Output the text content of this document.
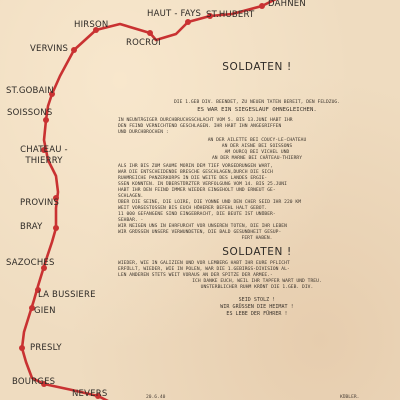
DAHNEN
HAUT - FAYS ST.HUBERT
HIRSON
ROCROI
VERVINS
ST.GOBAIN
SOISSONS
CHATEAU - THIERRY
PROVINS
BRAY
SAZOCHES
LA BUSSIERE
GIEN
PRESLY
BOURGES
NEVERS
SOLDATEN !
DIE 1.GEB DIV. BEENDET, ZU NEUEN TATEN BEREIT, DEN FELDZUG.
ES WAR EIN SIEGESLAUF OHNEGLEICHEN.
IN NEUNTÄGIGER DURCHBRUCHSSCHLACHT VOM 5. BIS 13.JUNI HABT IHR
DEN FEIND VERNICHTEND GESCHLAGEN. IHR HABT IHN ANGEGRIFFEN
UND DURCHBROCHEN :
AN DER AILETTE BEI COUCY-LE-CHATEAU
AN DER AISNE BEI SOISSONS
AM OURCQ BEI VICHEL UND
AN DER MARNE BEI CHÂTEAU-THIERRY
ALS IHR BIS ZUM SAUME MORIN DEM TIEF VORGEDRUNGEN WART,
WAR DIE ENTSCHEIDENDE BRESCHE GESCHLAGEN,DURCH DIE SICH
RUHMREICHE PANZERKORPS IN DIE WEITE DES LANDES ERGIE-
SSEN KONNTEN. IN ÜBERSTÜRZTER VERFOLGUNG VOM 14. BIS 25.JUNI
HABT IHR DEN FEIND IMMER WIEDER EINGEHOLT UND ERNEUT GE-
SCHLAGEN.
ÜBER DIE SEINE, DIE LOIRE, DIE YONNE UND DEN CHER SEID IHR 220 KM
WEIT VORGESTOSSEN BIS EUCH HÖHERER BEFEHL HALT GEBOT.
11 000 GEFANGENE SIND EINGEBRACHT, DIE BEUTE IST UNÜBER-
SEHBAR. -
WIR NEIGEN UNS IN EHRFURCHT VOR UNSEREN TOTEN, DIE IHR LEBEN
WIR GRÜSSEN UNSERE VERWUNDETEN, DIE BALD GESUNDHEIT GESUP-
FERT HABEN.
SOLDATEN !
WIEDER, WIE IN GALIZIEN UND VOR LEMBERG HABT IHR EURE PFLICHT
ERFÜLLT, WIEDER, WIE IN POLEN, WAR DIE 1.GEBIRGS-DIVISION AL-
LEN ANDEREN STETS WEIT VORAUS AN DER SPITZE DER ARMEE.-
ICH DANKE EUCH, WEIL IHR TAPFER WART UND TREU.
UNSTERBLICHER RUHM KRÖNT DIE 1.GEB. DIV.
SEID STOLZ !
WIR GRÜSSEN DIE HEIMAT !
ES LEBE DER FÜHRER !
20.6.40	KÜBLER.
